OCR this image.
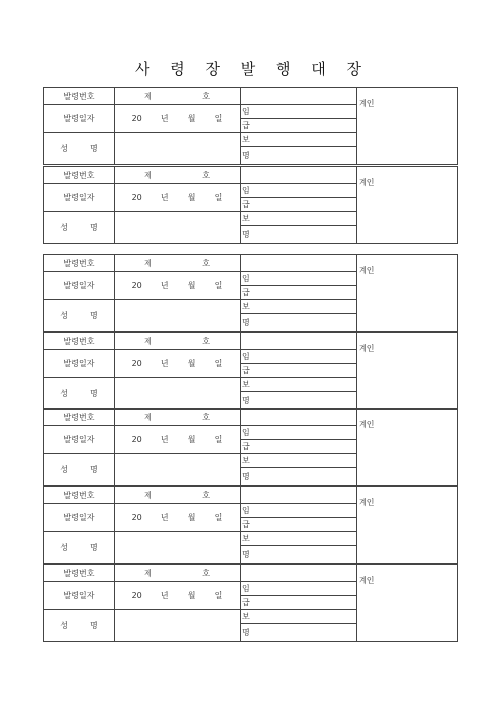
사 령 장 발 행 대 장
발령번호	제	호
발령일자	20 년 월 일
성	명
임
급
보
명
계인
발령번호	제	호
발령일자	20 년 월 일
성	명
임
급
보
명
계인
발령번호	제	호
발령일자	20 년 월 일
성	명
임
급
보
명
계인
발령번호	제	호
발령일자	20 년 월 일
성	명
임
급
보
명
계인
발령번호	제	호
발령일자	20 년 월 일
성	명
임
급
보
명
계인
발령번호	제	호
발령일자	20 년 월 일
성	명
임
급
보
명
계인
발령번호	제	호
발령일자	20 년 월 일
성	명
임
급
보
명
계인
